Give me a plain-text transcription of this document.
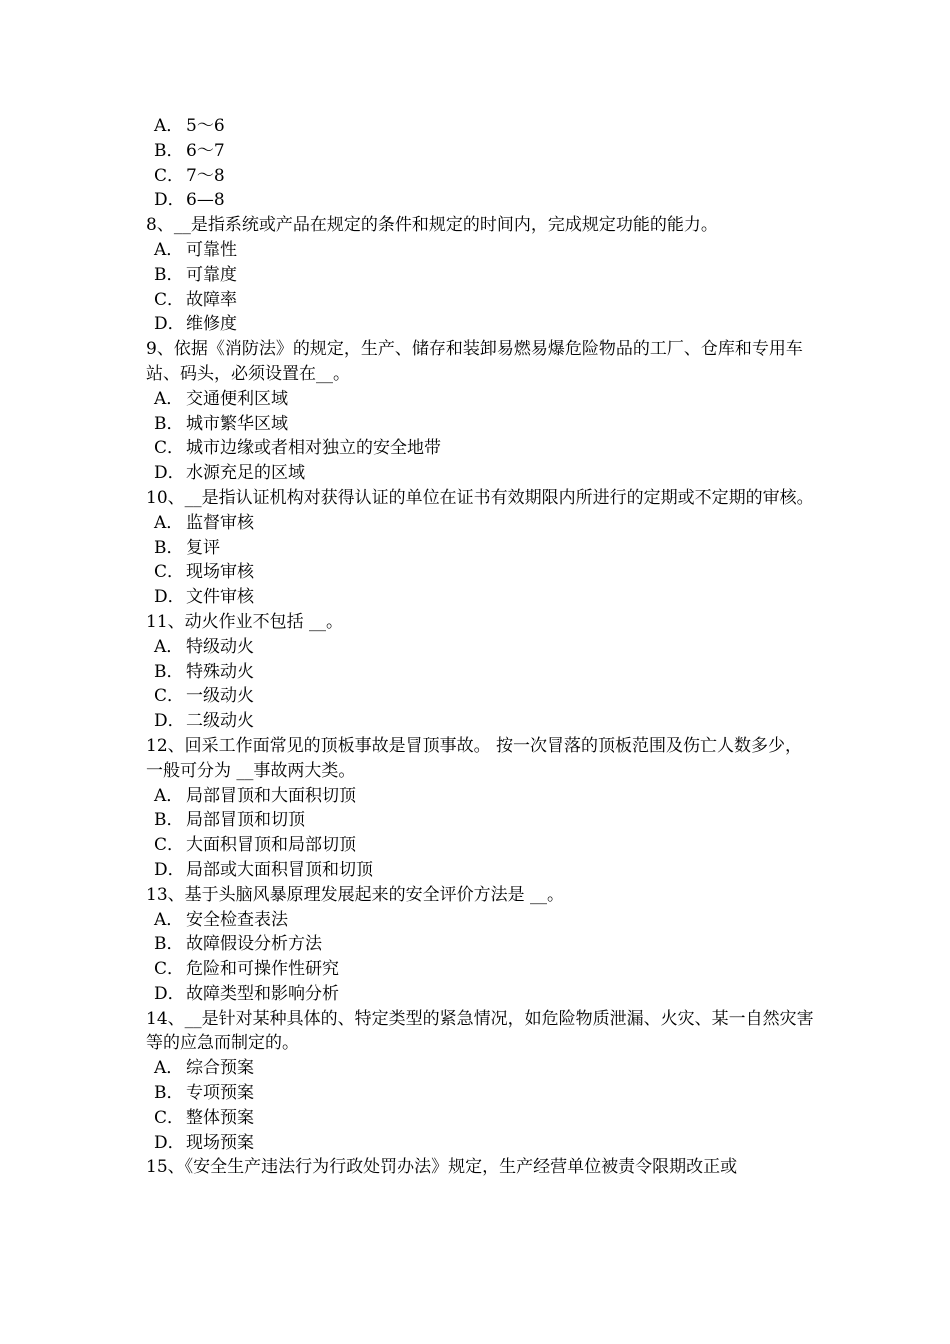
A． 5～6
B． 6～7
C． 7～8
D．6—8
8、__是指系统或产品在规定的条件和规定的时间内，完成规定功能的能力。
A． 可靠性
B． 可靠度
C． 故障率
D．维修度
9、依据《消防法》的规定，生产、储存和装卸易燃易爆危险物品的工厂、仓库和专用车站、码头，必须设置在__。
A． 交通便利区域
B． 城市繁华区域
C． 城市边缘或者相对独立的安全地带
D．水源充足的区域
10、__是指认证机构对获得认证的单位在证书有效期限内所进行的定期或不定期的审核。
A． 监督审核
B． 复评
C． 现场审核
D．文件审核
11、动火作业不包括 __。
A． 特级动火
B． 特殊动火
C． 一级动火
D．二级动火
12、回采工作面常见的顶板事故是冒顶事故。 按一次冒落的顶板范围及伤亡人数多少，一般可分为 __事故两大类。
A． 局部冒顶和大面积切顶
B． 局部冒顶和切顶
C． 大面积冒顶和局部切顶
D．局部或大面积冒顶和切顶
13、基于头脑风暴原理发展起来的安全评价方法是 __。
A． 安全检查表法
B． 故障假设分析方法
C． 危险和可操作性研究
D．故障类型和影响分析
14、__是针对某种具体的、特定类型的紧急情况，如危险物质泄漏、火灾、某一自然灾害等的应急而制定的。
A． 综合预案
B． 专项预案
C． 整体预案
D．现场预案
15、《安全生产违法行为行政处罚办法》规定，生产经营单位被责令限期改正或
